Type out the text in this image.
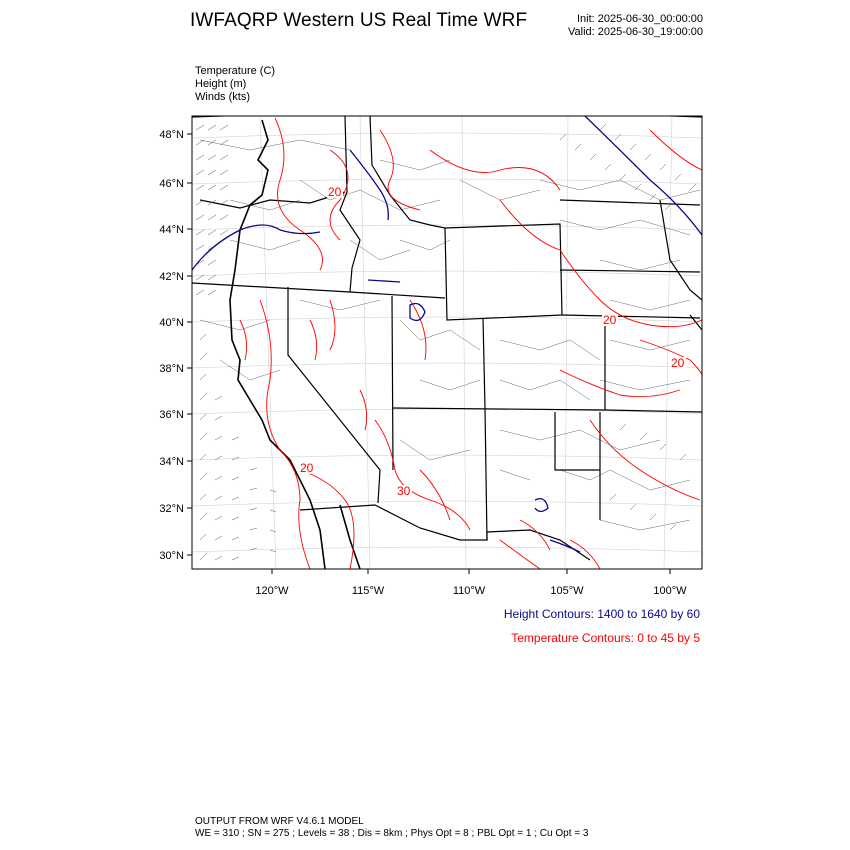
IWFAQRP Western US Real Time WRF	Init: 2025-06-30_00:00:00
Valid: 2025-06-30_19:00:00
Temperature (C)
Height (m)
Winds (kts)
20
20
20
20
30
48°N
46°N
44°N
42°N
40°N
38°N
36°N
34°N
32°N
30°N
120°W	115°W	110°W	105°W	100°W
Height Contours: 1400 to 1640 by 60
Temperature Contours: 0 to 45 by 5
OUTPUT FROM WRF V4.6.1 MODEL
WE = 310 ; SN = 275 ; Levels = 38 ; Dis = 8km ; Phys Opt = 8 ; PBL Opt = 1 ; Cu Opt = 3
